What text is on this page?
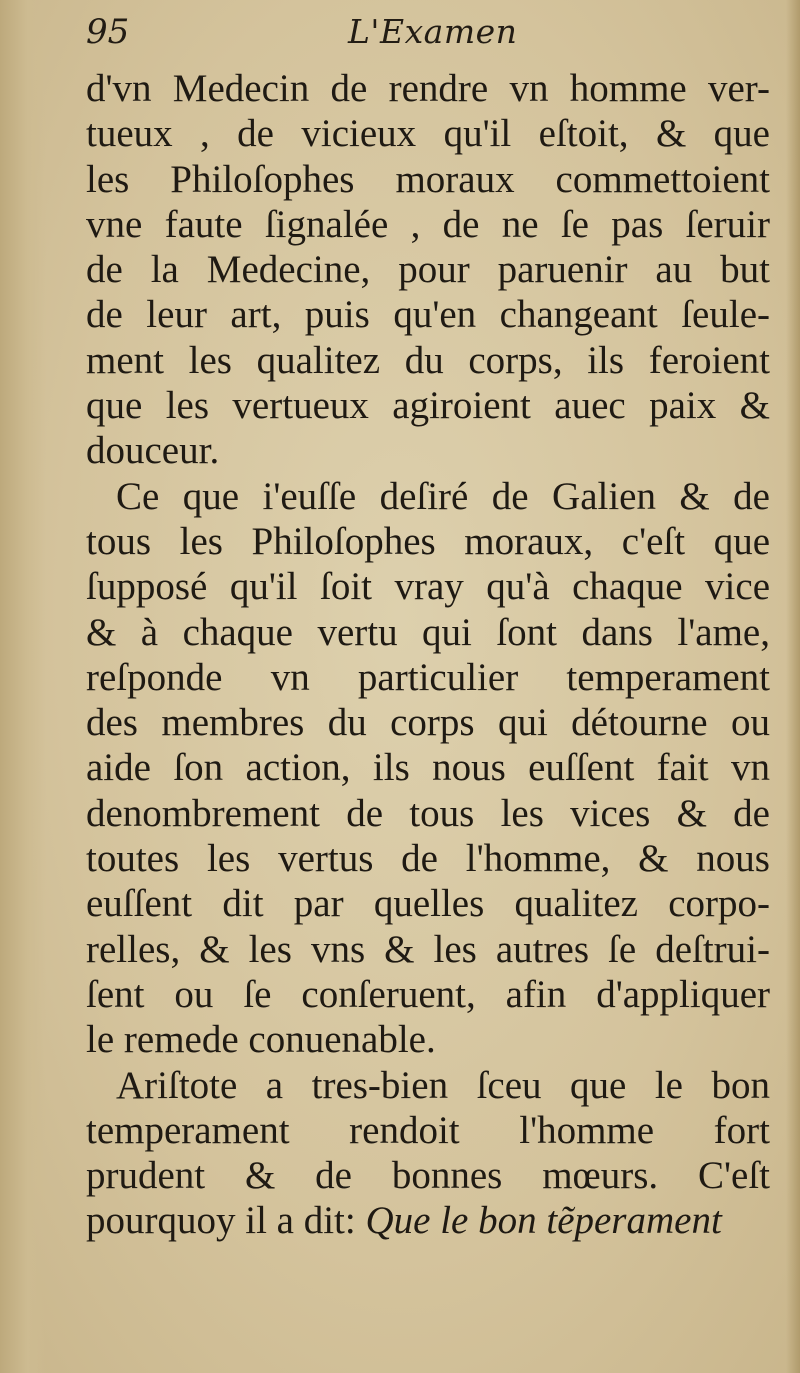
95	L'Examen
d'vn Medecin de rendre vn homme ver-
tueux , de vicieux qu'il eſtoit, & que
les Philoſophes moraux commettoient
vne faute ſignalée , de ne ſe pas ſeruir
de la Medecine, pour paruenir au but
de leur art, puis qu'en changeant ſeule-
ment les qualitez du corps, ils feroient
que les vertueux agiroient auec paix &
douceur.
Ce que i'euſſe deſiré de Galien & de
tous les Philoſophes moraux, c'eſt que
ſupposé qu'il ſoit vray qu'à chaque vice
& à chaque vertu qui ſont dans l'ame,
reſponde vn particulier temperament
des membres du corps qui détourne ou
aide ſon action, ils nous euſſent fait vn
denombrement de tous les vices & de
toutes les vertus de l'homme, & nous
euſſent dit par quelles qualitez corpo-
relles, & les vns & les autres ſe deſtrui-
ſent ou ſe conſeruent, afin d'appliquer
le remede conuenable.
Ariſtote a tres-bien ſceu que le bon
temperament rendoit l'homme fort
prudent & de bonnes mœurs. C'eſt
pourquoy il a dit: Que le bon tẽperament
